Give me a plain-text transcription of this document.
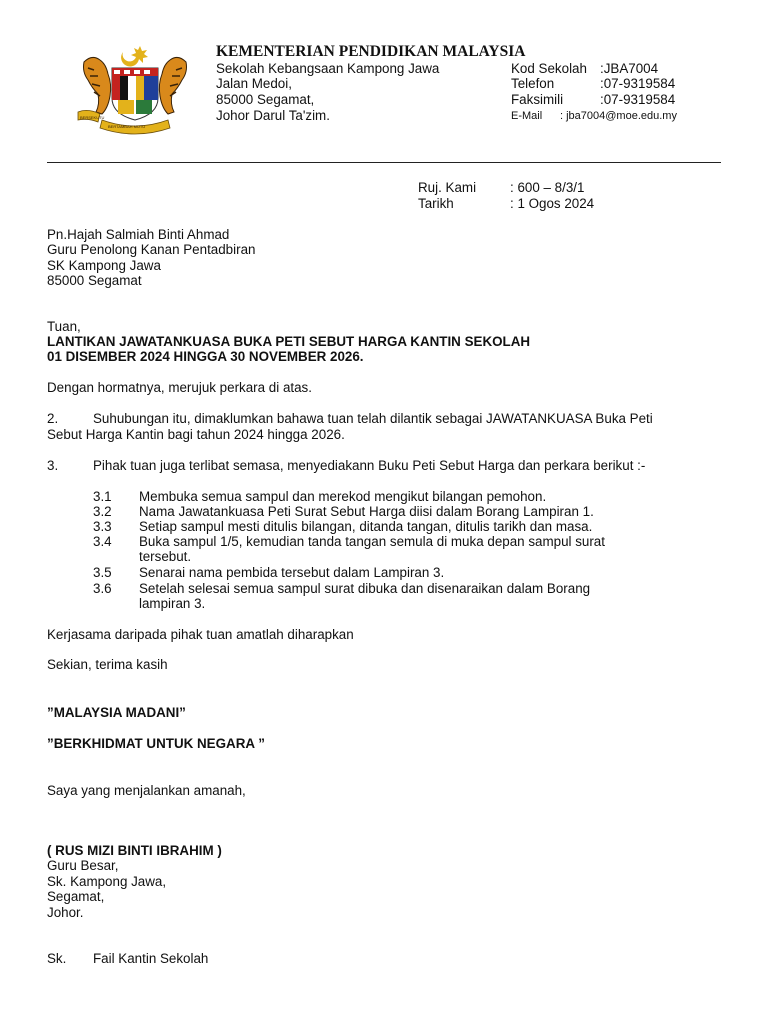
BERSEKUTU
BERTAMBAH MUTU
KEMENTERIAN PENDIDIKAN MALAYSIA
Sekolah Kebangsaan Kampong Jawa
Jalan Medoi,
85000 Segamat,
Johor Darul Ta'zim.
Kod Sekolah :JBA7004
Telefon	:07-9319584
Faksimili	:07-9319584
E-Mail : jba7004@moe.edu.my
Ruj. Kami	: 600 – 8/3/1
Tarikh	: 1 Ogos 2024
Pn.Hajah Salmiah Binti Ahmad
Guru Penolong Kanan Pentadbiran
SK Kampong Jawa
85000 Segamat
Tuan,
LANTIKAN JAWATANKUASA BUKA PETI SEBUT HARGA KANTIN SEKOLAH
01 DISEMBER 2024 HINGGA 30 NOVEMBER 2026.
Dengan hormatnya, merujuk perkara di atas.
2.	Suhubungan itu, dimaklumkan bahawa tuan telah dilantik sebagai JAWATANKUASA Buka Peti
Sebut Harga Kantin bagi tahun 2024 hingga 2026.
3.	Pihak tuan juga terlibat semasa, menyediakann Buku Peti Sebut Harga dan perkara berikut :-
3.1 Membuka semua sampul dan merekod mengikut bilangan pemohon.
3.2 Nama Jawatankuasa Peti Surat Sebut Harga diisi dalam Borang Lampiran 1.
3.3 Setiap sampul mesti ditulis bilangan, ditanda tangan, ditulis tarikh dan masa.
3.4 Buka sampul 1/5, kemudian tanda tangan semula di muka depan sampul surat tersebut.
3.5 Senarai nama pembida tersebut dalam Lampiran 3.
3.6 Setelah selesai semua sampul surat dibuka dan disenaraikan dalam Borang lampiran 3.
Kerjasama daripada pihak tuan amatlah diharapkan
Sekian, terima kasih
”MALAYSIA MADANI”
”BERKHIDMAT UNTUK NEGARA ”
Saya yang menjalankan amanah,
( RUS MIZI BINTI IBRAHIM )
Guru Besar,
Sk. Kampong Jawa,
Segamat,
Johor.
Sk. Fail Kantin Sekolah
